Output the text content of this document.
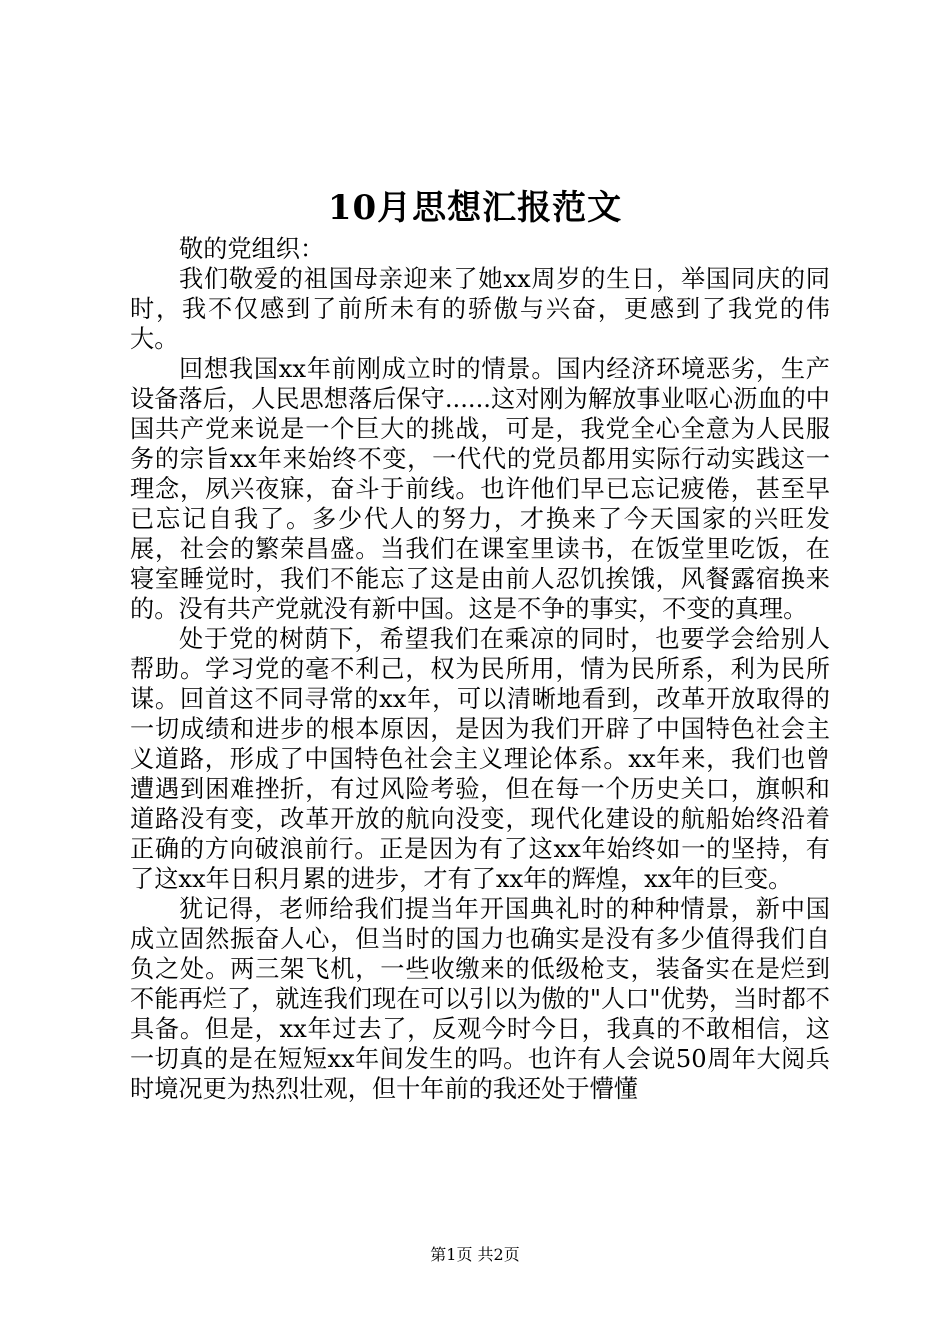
10月思想汇报范文

敬的党组织：

我们敬爱的祖国母亲迎来了她xx周岁的生日，举国同庆的同时，我不仅感到了前所未有的骄傲与兴奋，更感到了我党的伟大。

回想我国xx年前刚成立时的情景。国内经济环境恶劣，生产设备落后，人民思想落后保守......这对刚为解放事业呕心沥血的中国共产党来说是一个巨大的挑战，可是，我党全心全意为人民服务的宗旨xx年来始终不变，一代代的党员都用实际行动实践这一理念，夙兴夜寐，奋斗于前线。也许他们早已忘记疲倦，甚至早已忘记自我了。多少代人的努力，才换来了今天国家的兴旺发展，社会的繁荣昌盛。当我们在课室里读书，在饭堂里吃饭，在寝室睡觉时，我们不能忘了这是由前人忍饥挨饿，风餐露宿换来的。没有共产党就没有新中国。这是不争的事实，不变的真理。

处于党的树荫下，希望我们在乘凉的同时，也要学会给别人帮助。学习党的毫不利己，权为民所用，情为民所系，利为民所谋。回首这不同寻常的xx年，可以清晰地看到，改革开放取得的一切成绩和进步的根本原因，是因为我们开辟了中国特色社会主义道路，形成了中国特色社会主义理论体系。xx年来，我们也曾遭遇到困难挫折，有过风险考验，但在每一个历史关口，旗帜和道路没有变，改革开放的航向没变，现代化建设的航船始终沿着正确的方向破浪前行。正是因为有了这xx年始终如一的坚持，有了这xx年日积月累的进步，才有了xx年的辉煌，xx年的巨变。

犹记得，老师给我们提当年开国典礼时的种种情景，新中国成立固然振奋人心，但当时的国力也确实是没有多少值得我们自负之处。两三架飞机，一些收缴来的低级枪支，装备实在是烂到不能再烂了，就连我们现在可以引以为傲的"人口"优势，当时都不具备。但是，xx年过去了，反观今时今日，我真的不敢相信，这一切真的是在短短xx年间发生的吗。也许有人会说50周年大阅兵时境况更为热烈壮观，但十年前的我还处于懵懂

第1页 共2页
